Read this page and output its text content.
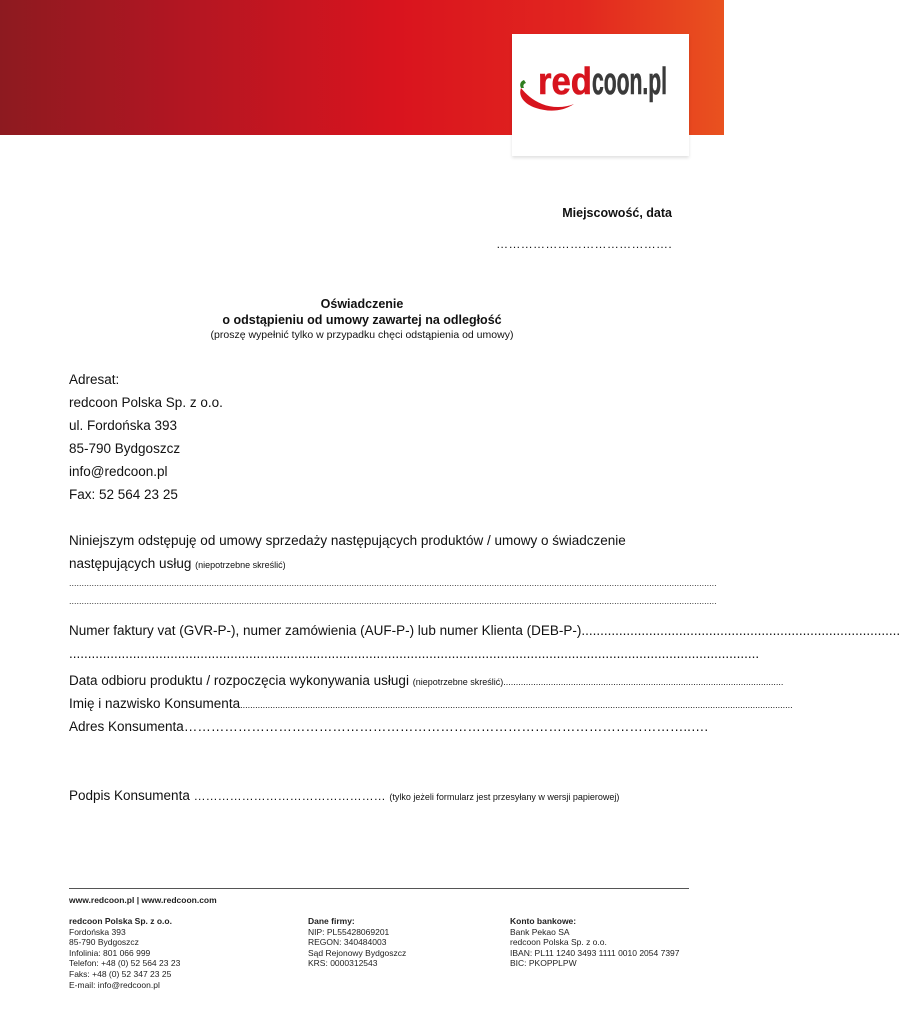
red coon.pl
Miejscowość, data
…………………………………….
Oświadczenie
o odstąpieniu od umowy zawartej na odległość
(proszę wypełnić tylko w przypadku chęci odstąpienia od umowy)
Adresat:
redcoon Polska Sp. z o.o.
ul. Fordońska 393
85-790 Bydgoszcz
info@redcoon.pl
Fax: 52 564 23 25
Niniejszym odstępuję od umowy sprzedaży następujących produktów / umowy o świadczenie
następujących usług (niepotrzebne skreślić)
...................................................................................................................................................................................................................................................................
...................................................................................................................................................................................................................................................................
Numer faktury vat (GVR-P-), numer zamówienia (AUF-P-) lub numer Klienta (DEB-P-).....................................................................................
........................................................................................................................................................................................
Data odbioru produktu / rozpoczęcia wykonywania usługi (niepotrzebne skreślić)................................................................................................................
Imię i nazwisko Konsumenta.............................................................................................................................................................................................................................
Adres Konsumenta…………………………………………………………………………………………………..….
Podpis Konsumenta ………………………………………… (tylko jeżeli formularz jest przesyłany w wersji papierowej)
www.redcoon.pl | www.redcoon.com
redcoon Polska Sp. z o.o.
Fordońska 393
85-790 Bydgoszcz
Infolinia: 801 066 999
Telefon: +48 (0) 52 564 23 23
Faks: +48 (0) 52 347 23 25
E-mail: info@redcoon.pl
Dane firmy:
NIP: PL55428069201
REGON: 340484003
Sąd Rejonowy Bydgoszcz
KRS: 0000312543
Konto bankowe:
Bank Pekao SA
redcoon Polska Sp. z o.o.
IBAN: PL11 1240 3493 1111 0010 2054 7397
BIC: PKOPPLPW
